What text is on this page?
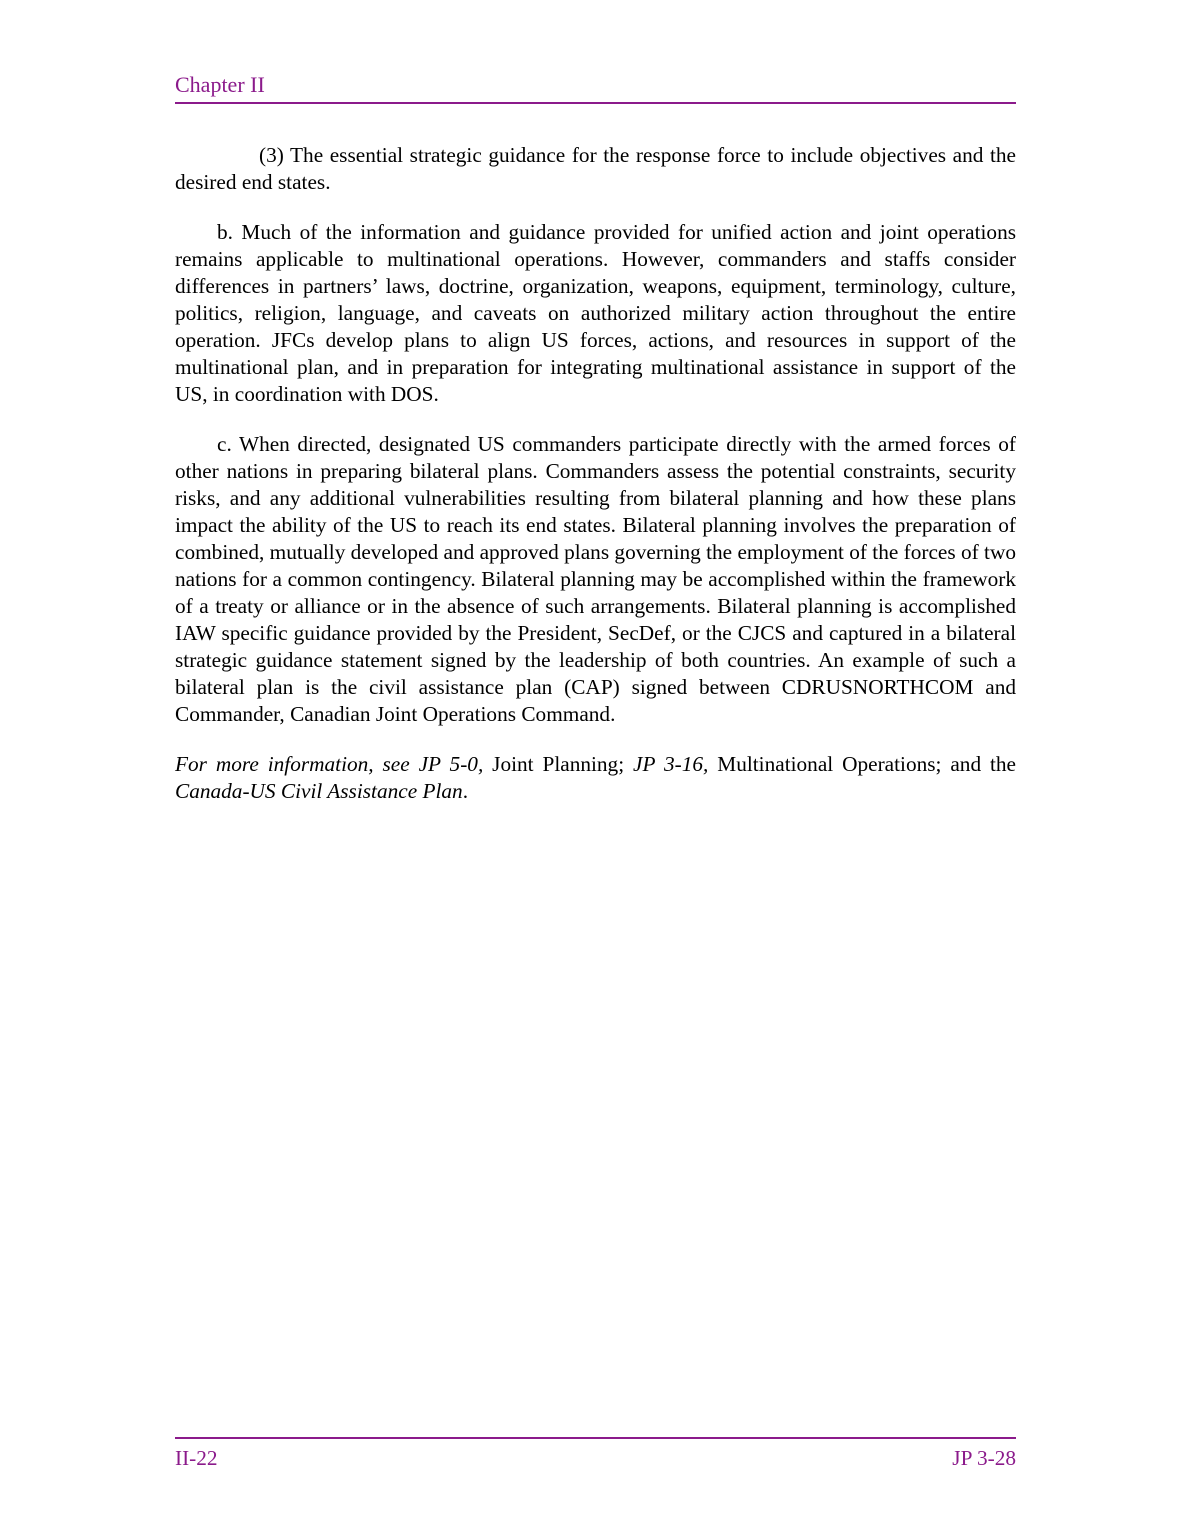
Chapter II

(3) The essential strategic guidance for the response force to include objectives and the desired end states.

b. Much of the information and guidance provided for unified action and joint operations remains applicable to multinational operations. However, commanders and staffs consider differences in partners’ laws, doctrine, organization, weapons, equipment, terminology, culture, politics, religion, language, and caveats on authorized military action throughout the entire operation. JFCs develop plans to align US forces, actions, and resources in support of the multinational plan, and in preparation for integrating multinational assistance in support of the US, in coordination with DOS.

c. When directed, designated US commanders participate directly with the armed forces of other nations in preparing bilateral plans. Commanders assess the potential constraints, security risks, and any additional vulnerabilities resulting from bilateral planning and how these plans impact the ability of the US to reach its end states. Bilateral planning involves the preparation of combined, mutually developed and approved plans governing the employment of the forces of two nations for a common contingency. Bilateral planning may be accomplished within the framework of a treaty or alliance or in the absence of such arrangements. Bilateral planning is accomplished IAW specific guidance provided by the President, SecDef, or the CJCS and captured in a bilateral strategic guidance statement signed by the leadership of both countries. An example of such a bilateral plan is the civil assistance plan (CAP) signed between CDRUSNORTHCOM and Commander, Canadian Joint Operations Command.

For more information, see JP 5-0, Joint Planning; JP 3-16, Multinational Operations; and the Canada-US Civil Assistance Plan.

II-22	JP 3-28
